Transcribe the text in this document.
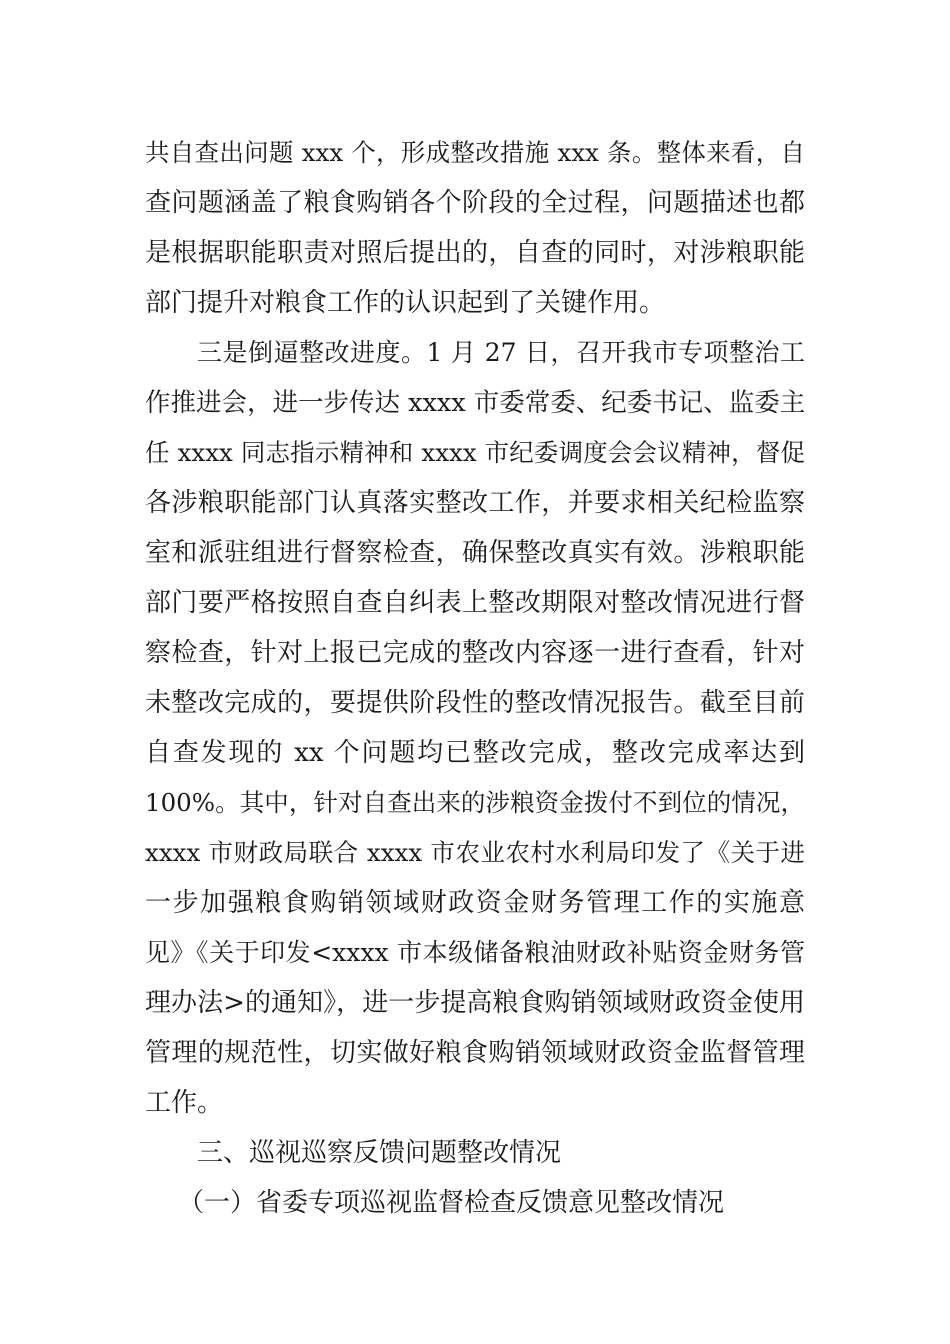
共自查出问题 xxx 个，形成整改措施 xxx 条。整体来看，自
查问题涵盖了粮食购销各个阶段的全过程，问题描述也都
是根据职能职责对照后提出的，自查的同时，对涉粮职能
部门提升对粮食工作的认识起到了关键作用。
三是倒逼整改进度。1 月 27 日，召开我市专项整治工
作推进会，进一步传达 xxxx 市委常委、纪委书记、监委主
任 xxxx 同志指示精神和 xxxx 市纪委调度会会议精神，督促
各涉粮职能部门认真落实整改工作，并要求相关纪检监察
室和派驻组进行督察检查，确保整改真实有效。涉粮职能
部门要严格按照自查自纠表上整改期限对整改情况进行督
察检查，针对上报已完成的整改内容逐一进行查看，针对
未整改完成的，要提供阶段性的整改情况报告。截至目前
自查发现的 xx 个问题均已整改完成，整改完成率达到
100%。其中，针对自查出来的涉粮资金拨付不到位的情况，
xxxx 市财政局联合 xxxx 市农业农村水利局印发了《关于进
一步加强粮食购销领域财政资金财务管理工作的实施意
见》《关于印发<xxxx 市本级储备粮油财政补贴资金财务管
理办法>的通知》，进一步提高粮食购销领域财政资金使用
管理的规范性，切实做好粮食购销领域财政资金监督管理
工作。
三、巡视巡察反馈问题整改情况
（一）省委专项巡视监督检查反馈意见整改情况
